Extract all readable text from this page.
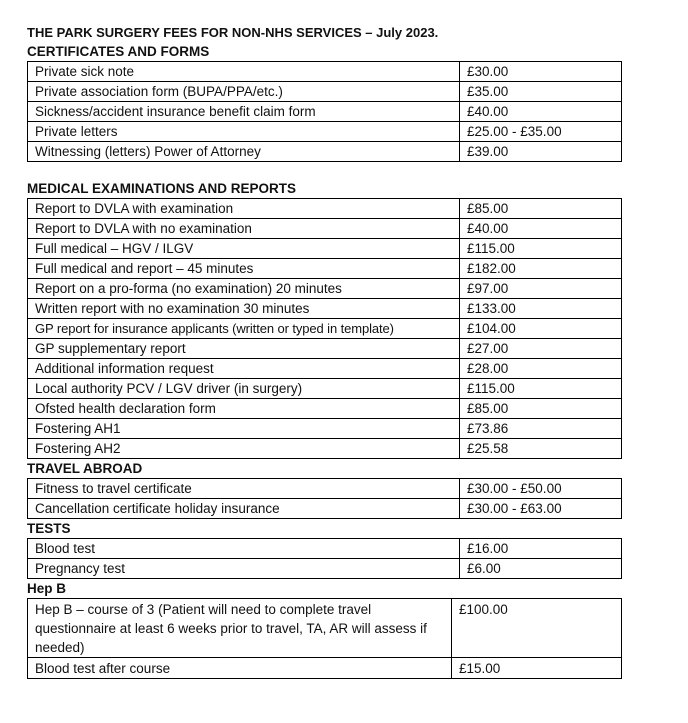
THE PARK SURGERY FEES FOR NON-NHS SERVICES – July 2023.

CERTIFICATES AND FORMS

Private sick note	£30.00
Private association form (BUPA/PPA/etc.)	£35.00
Sickness/accident insurance benefit claim form	£40.00
Private letters	£25.00 - £35.00
Witnessing (letters) Power of Attorney	£39.00

MEDICAL EXAMINATIONS AND REPORTS

Report to DVLA with examination	£85.00
Report to DVLA with no examination	£40.00
Full medical – HGV / ILGV	£115.00
Full medical and report – 45 minutes	£182.00
Report on a pro-forma (no examination) 20 minutes	£97.00
Written report with no examination 30 minutes	£133.00
GP report for insurance applicants (written or typed in template)	£104.00
GP supplementary report	£27.00
Additional information request	£28.00
Local authority PCV / LGV driver (in surgery)	£115.00
Ofsted health declaration form	£85.00
Fostering AH1	£73.86
Fostering AH2	£25.58

TRAVEL ABROAD

Fitness to travel certificate	£30.00 - £50.00
Cancellation certificate holiday insurance	£30.00 - £63.00

TESTS

Blood test	£16.00
Pregnancy test	£6.00

Hep B

Hep B – course of 3 (Patient will need to complete travel questionnaire at least 6 weeks prior to travel, TA, AR will assess if needed)	£100.00
Blood test after course	£15.00
